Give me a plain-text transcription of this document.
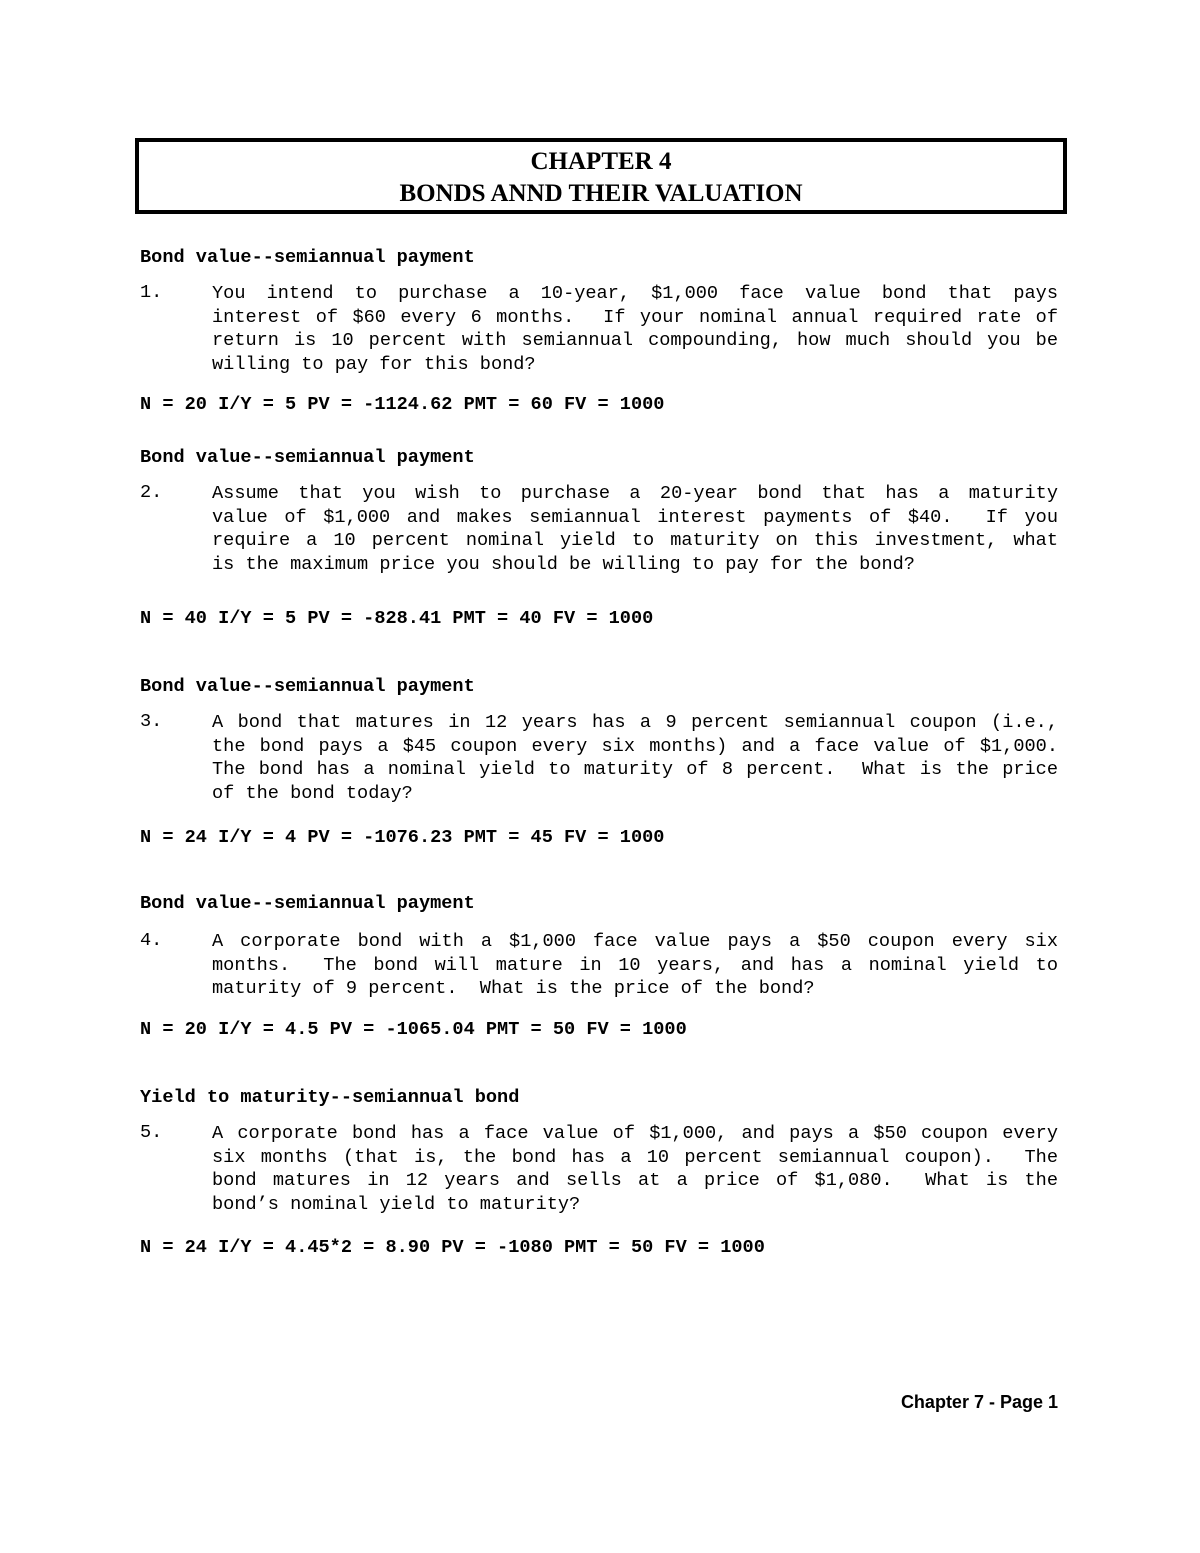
CHAPTER 4
BONDS ANND THEIR VALUATION
Bond value--semiannual payment
1.	You intend to purchase a 10-year, $1,000 face value bond that pays
interest of $60 every 6 months.  If your nominal annual required rate of
return is 10 percent with semiannual compounding, how much should you be
willing to pay for this bond?
N = 20 I/Y = 5 PV = -1124.62 PMT = 60 FV = 1000
Bond value--semiannual payment
2.	Assume that you wish to purchase a 20-year bond that has a maturity
value of $1,000 and makes semiannual interest payments of $40.  If you
require a 10 percent nominal yield to maturity on this investment, what
is the maximum price you should be willing to pay for the bond?
N = 40 I/Y = 5 PV = -828.41 PMT = 40 FV = 1000
Bond value--semiannual payment
3.	A bond that matures in 12 years has a 9 percent semiannual coupon (i.e.,
the bond pays a $45 coupon every six months) and a face value of $1,000.
The bond has a nominal yield to maturity of 8 percent.  What is the price
of the bond today?
N = 24 I/Y = 4 PV = -1076.23 PMT = 45 FV = 1000
Bond value--semiannual payment
4.	A corporate bond with a $1,000 face value pays a $50 coupon every six
months.  The bond will mature in 10 years, and has a nominal yield to
maturity of 9 percent.  What is the price of the bond?
N = 20 I/Y = 4.5 PV = -1065.04 PMT = 50 FV = 1000
Yield to maturity--semiannual bond
5.	A corporate bond has a face value of $1,000, and pays a $50 coupon every
six months (that is, the bond has a 10 percent semiannual coupon).  The
bond matures in 12 years and sells at a price of $1,080.  What is the
bond’s nominal yield to maturity?
N = 24 I/Y = 4.45*2 = 8.90 PV = -1080 PMT = 50 FV = 1000
Chapter 7 - Page 1
